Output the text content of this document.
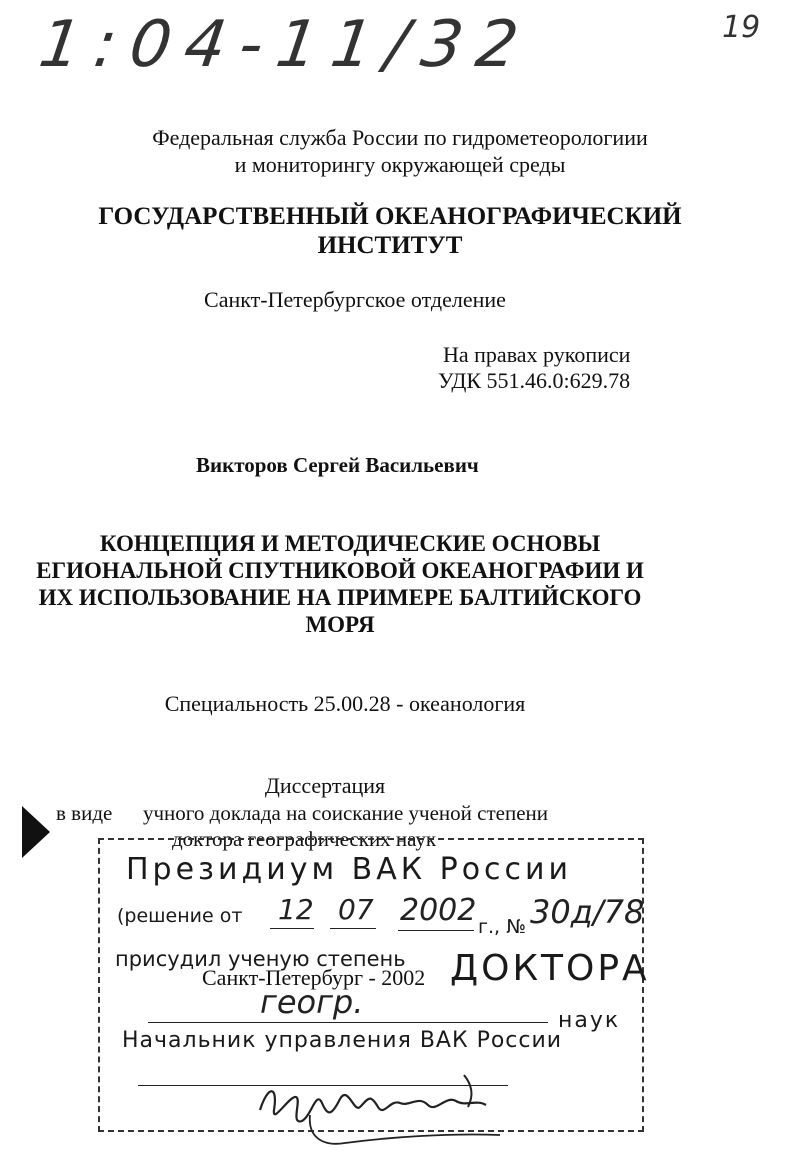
1:04-11/32	19
Федеральная служба России по гидрометеорологиии
и мониторингу окружающей среды
ГОСУДАРСТВЕННЫЙ ОКЕАНОГРАФИЧЕСКИЙ
ИНСТИТУТ
Санкт-Петербургское отделение
На правах рукописи
УДК 551.46.0:629.78
Викторов Сергей Васильевич
КОНЦЕПЦИЯ И МЕТОДИЧЕСКИЕ ОСНОВЫ
ЕГИОНАЛЬНОЙ СПУТНИКОВОЙ ОКЕАНОГРАФИИ И
ИХ ИСПОЛЬЗОВАНИЕ НА ПРИМЕРЕ БАЛТИЙСКОГО
МОРЯ
Специальность 25.00.28 - океанология
Диссертация
в виде учного доклада на соискание ученой степени
доктора географических наук
Президиум ВАК России
(решение от 12 07 2002 г., № 30д/78
присудил ученую степень ДОКТОРА
Санкт-Петербург - 2002
геогр.	наук
Начальник управления ВАК России
